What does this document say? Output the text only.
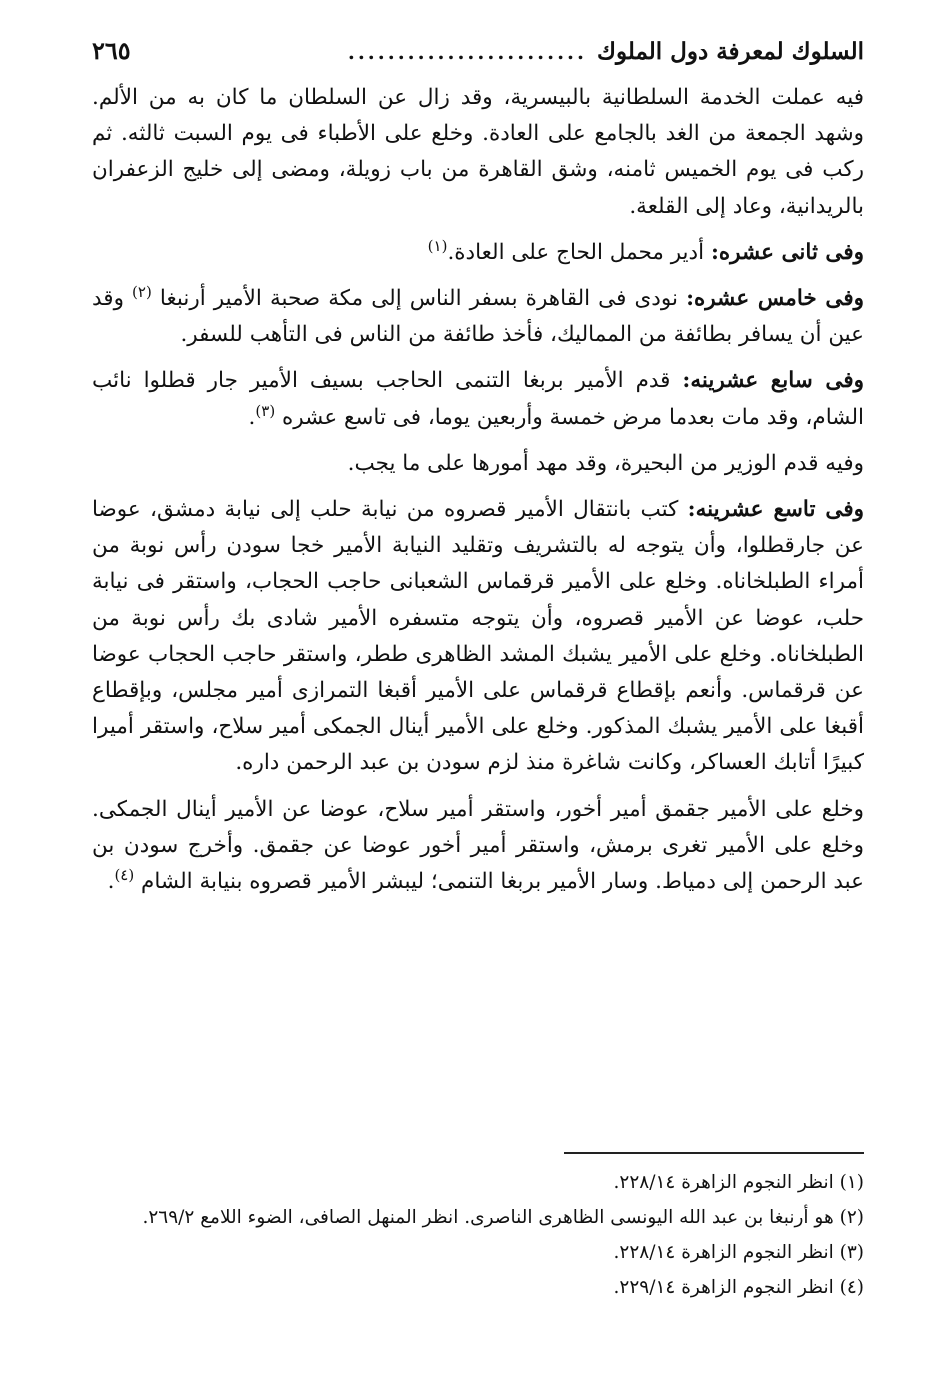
السلوك لمعرفة دول الملوك
........................
٢٦٥

فيه عملت الخدمة السلطانية بالبيسرية، وقد زال عن السلطان ما كان به من الألم. وشهد الجمعة من الغد بالجامع على العادة. وخلع على الأطباء فى يوم السبت ثالثه. ثم ركب فى يوم الخميس ثامنه، وشق القاهرة من باب زويلة، ومضى إلى خليج الزعفران بالريدانية، وعاد إلى القلعة.

وفى ثانى عشره: أدير محمل الحاج على العادة.$^{(١)}$

وفى خامس عشره: نودى فى القاهرة بسفر الناس إلى مكة صحبة الأمير أرنبغا $^{(٢)}$ وقد عين أن يسافر بطائفة من المماليك، فأخذ طائفة من الناس فى التأهب للسفر.

وفى سابع عشرينه: قدم الأمير بربغا التنمى الحاجب بسيف الأمير جار قطلوا نائب الشام، وقد مات بعدما مرض خمسة وأربعين يوما، فى تاسع عشره $^{(٣)}$.

وفيه قدم الوزير من البحيرة، وقد مهد أمورها على ما يجب.

وفى تاسع عشرينه: كتب بانتقال الأمير قصروه من نيابة حلب إلى نيابة دمشق، عوضا عن جارقطلوا، وأن يتوجه له بالتشريف وتقليد النيابة الأمير خجا سودن رأس نوبة من أمراء الطبلخاناه. وخلع على الأمير قرقماس الشعبانى حاجب الحجاب، واستقر فى نيابة حلب، عوضا عن الأمير قصروه، وأن يتوجه متسفره الأمير شادى بك رأس نوبة من الطبلخاناه. وخلع على الأمير يشبك المشد الظاهرى ططر، واستقر حاجب الحجاب عوضا عن قرقماس. وأنعم بإقطاع قرقماس على الأمير أقبغا التمرازى أمير مجلس، وبإقطاع أقبغا على الأمير يشبك المذكور. وخلع على الأمير أينال الجمكى أمير سلاح، واستقر أميرا كبيرًا أتابك العساكر، وكانت شاغرة منذ لزم سودن بن عبد الرحمن داره.

وخلع على الأمير جقمق أمير أخور، واستقر أمير سلاح، عوضا عن الأمير أينال الجمكى. وخلع على الأمير تغرى برمش، واستقر أمير أخور عوضا عن جقمق. وأخرج سودن بن عبد الرحمن إلى دمياط. وسار الأمير بربغا التنمى؛ ليبشر الأمير قصروه بنيابة الشام $^{(٤)}$.

(١) انظر النجوم الزاهرة ٢٢٨/١٤.

(٢) هو أرنبغا بن عبد الله اليونسى الظاهرى الناصرى. انظر المنهل الصافى، الضوء اللامع ٢٦٩/٢.

(٣) انظر النجوم الزاهرة ٢٢٨/١٤.

(٤) انظر النجوم الزاهرة ٢٢٩/١٤.
